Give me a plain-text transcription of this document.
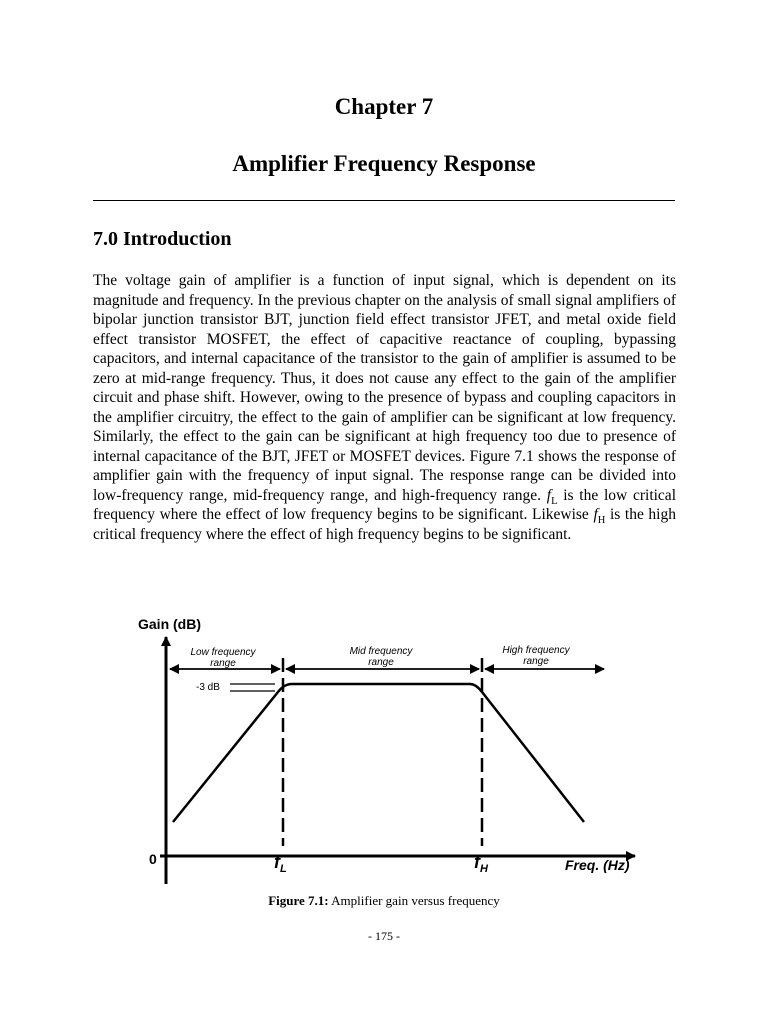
Chapter 7
Amplifier Frequency Response
7.0 Introduction

The voltage gain of amplifier is a function of input signal, which is dependent on its magnitude and frequency. In the previous chapter on the analysis of small signal amplifiers of bipolar junction transistor BJT, junction field effect transistor JFET, and metal oxide field effect transistor MOSFET, the effect of capacitive reactance of coupling, bypassing capacitors, and internal capacitance of the transistor to the gain of amplifier is assumed to be zero at mid-range frequency. Thus, it does not cause any effect to the gain of the amplifier circuit and phase shift. However, owing to the presence of bypass and coupling capacitors in the amplifier circuitry, the effect to the gain of amplifier can be significant at low frequency. Similarly, the effect to the gain can be significant at high frequency too due to presence of internal capacitance of the BJT, JFET or MOSFET devices. Figure 7.1 shows the response of amplifier gain with the frequency of input signal. The response range can be divided into low-frequency range, mid-frequency range, and high-frequency range. $f_L$ is the low critical frequency where the effect of low frequency begins to be significant. Likewise $f_H$ is the high critical frequency where the effect of high frequency begins to be significant.

Gain (dB)
Freq. (Hz)
0	$f_L$	$f_H$
Low frequency
range
Mid frequency
range
High frequency
range
-3 dB
Figure 7.1: Amplifier gain versus frequency
- 175 -
